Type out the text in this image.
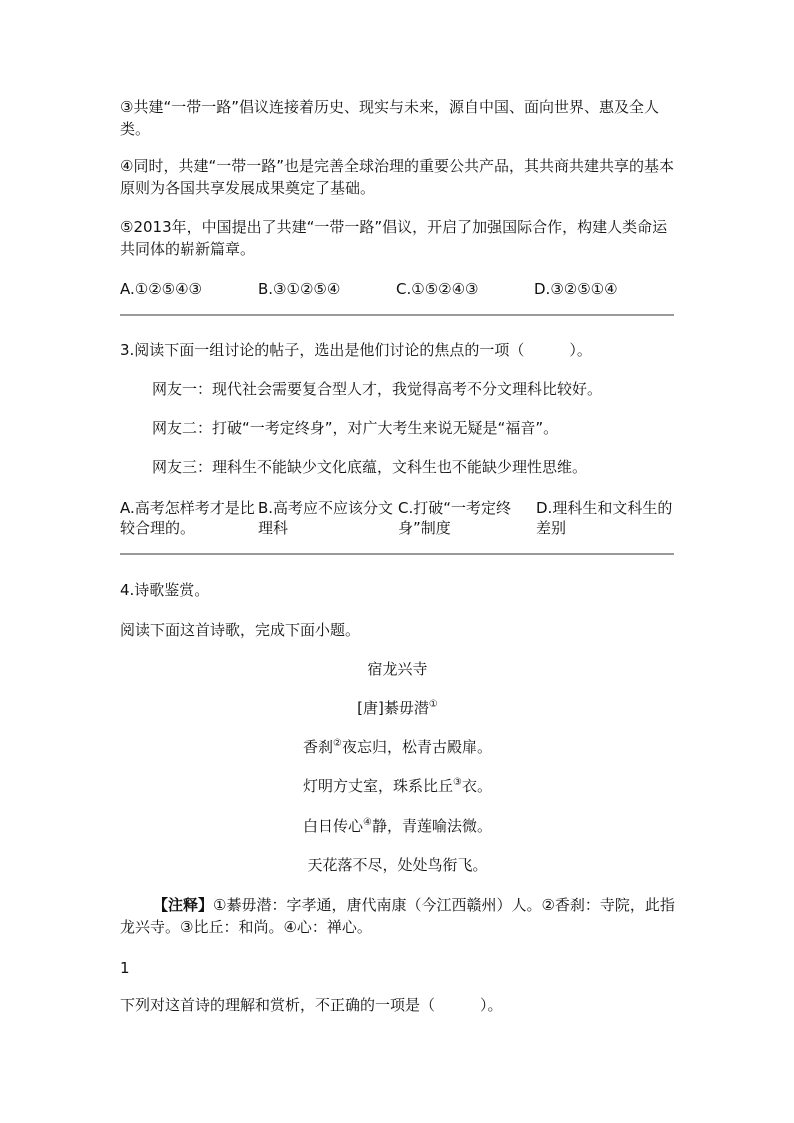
③共建“一带一路”倡议连接着历史、现实与未来，源自中国、面向世界、惠及全人类。

④同时，共建“一带一路”也是完善全球治理的重要公共产品，其共商共建共享的基本原则为各国共享发展成果奠定了基础。

⑤2013年，中国提出了共建“一带一路”倡议，开启了加强国际合作，构建人类命运共同体的崭新篇章。

A.①②⑤④③	B.③①②⑤④	C.①⑤②④③	D.③②⑤①④

3.阅读下面一组讨论的帖子，选出是他们讨论的焦点的一项（　　　）。

网友一：现代社会需要复合型人才，我觉得高考不分文理科比较好。

网友二：打破“一考定终身”，对广大考生来说无疑是“福音”。

网友三：理科生不能缺少文化底蕴，文科生也不能缺少理性思维。

A.高考怎样考才是比较合理的。
B.高考应不应该分文理科
C.打破“一考定终身”制度
D.理科生和文科生的差别

4.诗歌鉴赏。

阅读下面这首诗歌，完成下面小题。

宿龙兴寺
[唐]綦毋潜①
香刹②夜忘归，松青古殿扉。
灯明方丈室，珠系比丘③衣。
白日传心④静，青莲喻法微。
天花落不尽，处处鸟衔飞。

【注释】①綦毋潜：字孝通，唐代南康（今江西赣州）人。②香刹：寺院，此指龙兴寺。③比丘：和尚。④心：禅心。

1

下列对这首诗的理解和赏析，不正确的一项是（　　　）。
